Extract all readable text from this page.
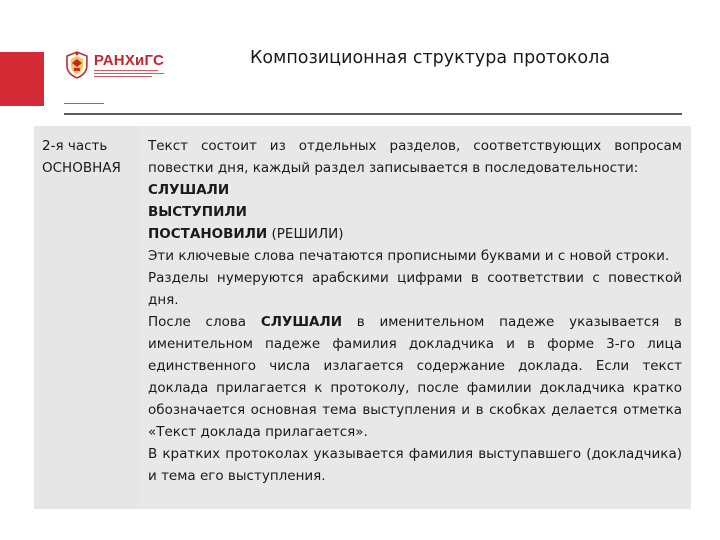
РАНХиГС	Композиционная структура протокола
2-я часть
ОСНОВНАЯ

Текст состоит из отдельных разделов, соответствующих вопросам повестки дня, каждый раздел записывается в последовательности:

СЛУШАЛИ

ВЫСТУПИЛИ

ПОСТАНОВИЛИ (РЕШИЛИ)

Эти ключевые слова печатаются прописными буквами и с новой строки.

Разделы нумеруются арабскими цифрами в соответствии с повесткой дня.

После слова СЛУШАЛИ в именительном падеже указывается в именительном падеже фамилия докладчика и в форме 3-го лица единственного числа излагается содержание доклада. Если текст доклада прилагается к протоколу, после фамилии докладчика кратко обозначается основная тема выступления и в скобках делается отметка «Текст доклада прилагается».

В кратких протоколах указывается фамилия выступавшего (докладчика) и тема его выступления.
